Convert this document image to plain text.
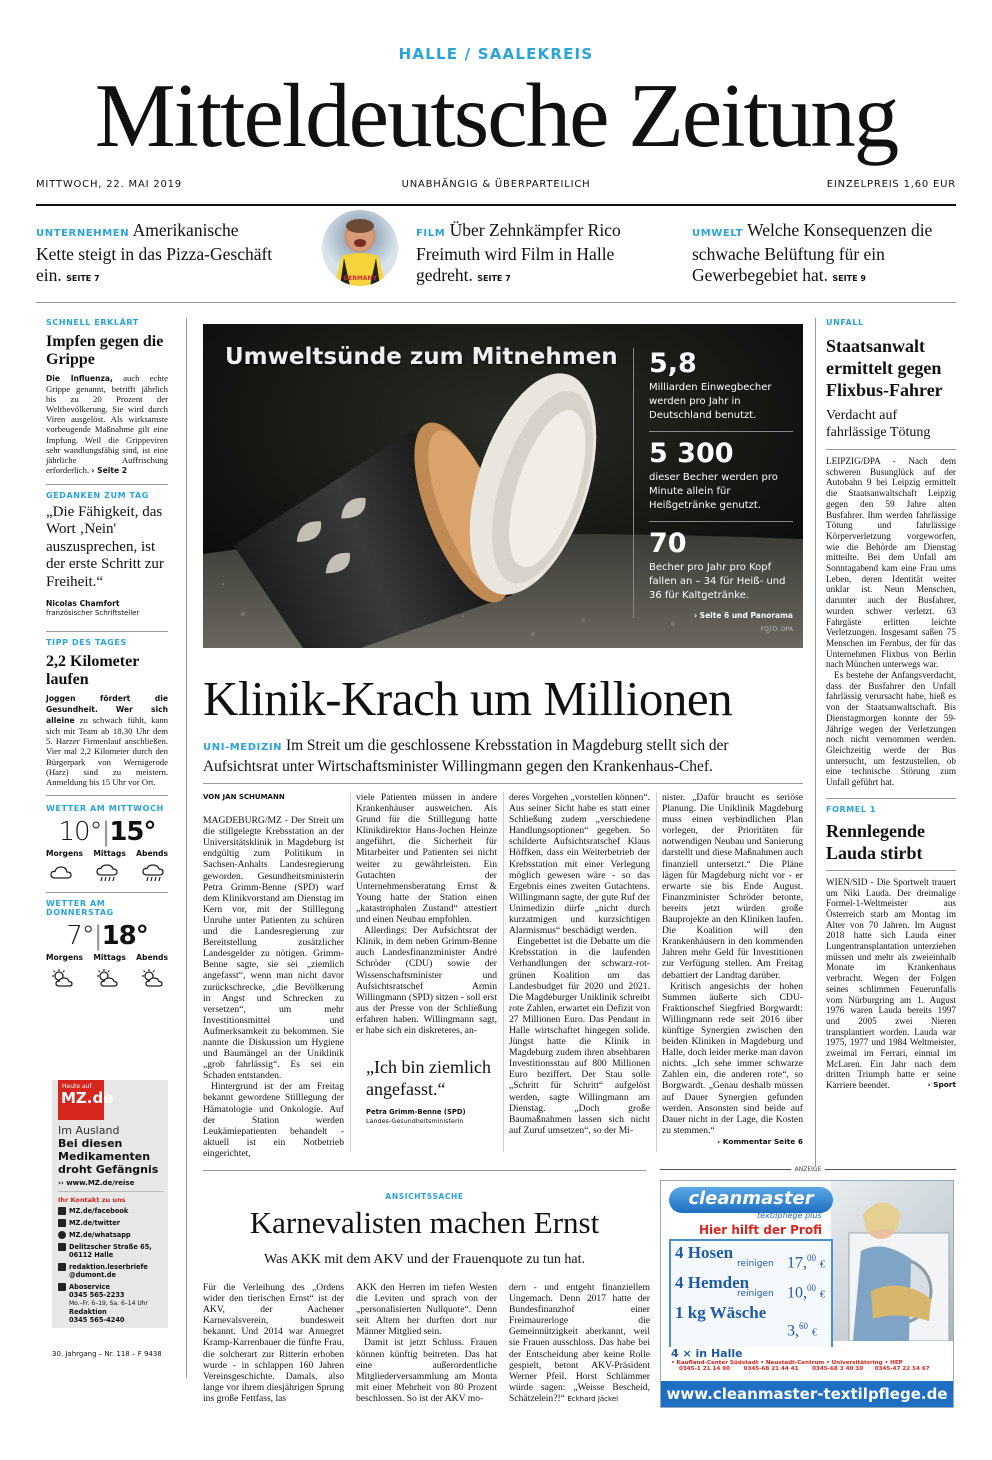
HALLE / SAALEKREIS
Mitteldeutsche Zeitung
MITTWOCH, 22. MAI 2019	UNABHÄNGIG & ÜBERPARTEILICH	EINZELPREIS 1,60 EUR
UNTERNEHMEN Amerikanische Kette steigt in das Pizza-Geschäft ein. SEITE 7	GERMANY
FILM Über Zehnkämpfer Rico Freimuth wird Film in Halle gedreht. SEITE 7
UMWELT Welche Konsequenzen die schwache Belüftung für ein Gewerbegebiet hat. SEITE 9
SCHNELL ERKLÄRT
Impfen gegen die Grippe
Die Influenza, auch echte Grippe genannt, betrifft jährlich bis zu 20 Prozent der Weltbevölkerung. Sie wird durch Viren ausgelöst. Als wirksamste vorbeugende Maßnahme gilt eine Impfung. Weil die Grippeviren sehr wandlungsfähig sind, ist eine jährliche Auffrischung erforderlich. › Seite 2
GEDANKEN ZUM TAG
„Die Fähigkeit, das Wort ‚Nein' auszusprechen, ist der erste Schritt zur Freiheit.“
Nicolas Chamfort
französischer Schriftsteller
TIPP DES TAGES
2,2 Kilometer laufen
Joggen fördert die Gesundheit. Wer sich alleine zu schwach fühlt, kann sich mit Team ab 18.30 Uhr dem 5. Harzer Firmenlauf anschließen. Vier mal 2,2 Kilometer durch den Bürgerpark von Wernigerode (Harz) sind zu meistern. Anmeldung bis 15 Uhr vor Ort.
WETTER AM MITTWOCH
10°|15°
Morgens Mittags Abends
WETTER AM DONNERSTAG
7°|18°
Morgens Mittags Abends
Heute auf
MZ.de
Im Ausland
Bei diesen Medikamenten droht Gefängnis
›› www.MZ.de/reise
Ihr Kontakt zu uns
MZ.de/facebook
MZ.de/twitter
MZ.de/whatsapp
Delitzscher Straße 65, 06112 Halle
redaktion.leserbriefe @dumont.de
Aboservice
0345 565-2233
Mo.–Fr. 6–19, Sa. 6–14 Uhr
Redaktion
0345 565-4240
30. Jahrgang – Nr. 118 – F 9438
Umweltsünde zum Mitnehmen 5,8
Milliarden Einwegbecher werden pro Jahr in Deutschland benutzt.
5 300
dieser Becher werden pro Minute allein für Heißgetränke genutzt.
70
Becher pro Jahr pro Kopf fallen an – 34 für Heiß- und 36 für Kaltgetränke.
› Seite 6 und Panorama
FOTO: DPA
Klinik-Krach um Millionen
UNI-MEDIZIN Im Streit um die geschlossene Krebsstation in Magdeburg stellt sich der Aufsichtsrat unter Wirtschaftsminister Willingmann gegen den Krankenhaus-Chef.
VON JAN SCHUMANN

MAGDEBURG/MZ - Der Streit um die stillgelegte Krebsstation an der Universitätsklinik in Magdeburg ist endgültig zum Politikum in Sachsen-Anhalts Landesregierung geworden. Gesundheitsministerin Petra Grimm-Benne (SPD) warf dem Klinikvorstand am Dienstag im Kern vor, mit der Stilllegung Unruhe unter Patienten zu schüren und die Landesregierung zur Bereitstellung zusätzlicher Landesgelder zu nötigen. Grimm-Benne sagte, sie sei „ziemlich angefasst“, wenn man nicht davor zurückschrecke, „die Bevölkerung in Angst und Schrecken zu versetzen“, um mehr Investitionsmittel und Aufmerksamkeit zu bekommen. Sie nannte die Diskussion um Hygiene und Baumängel an der Uniklinik „grob fahrlässig“. Es sei ein Schaden entstanden.

Hintergrund ist der am Freitag bekannt gewordene Stilllegung der Hämatologie und Onkologie. Auf der Station werden Leukämiepatienten behandelt - aktuell ist ein Notbetrieb eingerichtet,

viele Patienten müssen in andere Krankenhäuser ausweichen. Als Grund für die Stilllegung hatte Klinikdirektor Hans-Jochen Heinze angeführt, die Sicherheit für Mitarbeiter und Patienten sei nicht weiter zu gewährleisten. Ein Gutachten der Unternehmensberatung Ernst & Young hatte der Station einen „katastrophalen Zustand“ attestiert und einen Neubau empfohlen.

Allerdings: Der Aufsichtsrat der Klinik, in dem neben Grimm-Benne auch Landesfinanzminister André Schröder (CDU) sowie der Wissenschaftsminister und Aufsichtsratschef Armin Willingmann (SPD) sitzen - soll erst aus der Presse von der Schließung erfahren haben. Willingmann sagt, er habe sich ein diskreteres, an-

„Ich bin ziemlich angefasst.“
Petra Grimm-Benne (SPD)
Landes-Gesundheitsministerin

deres Vorgehen „vorstellen können“. Aus seiner Sicht habe es statt einer Schließung zudem „verschiedene Handlungsoptionen“ gegeben. So schilderte Aufsichtsratschef Klaus Höffken, dass ein Weiterbetrieb der Krebsstation mit einer Verlegung möglich gewesen wäre - so das Ergebnis eines zweiten Gutachtens. Willingmann sagte, der gute Ruf der Unimedizin dürfe „nicht durch kurzatmigen und kurzsichtigen Alarmismus“ beschädigt werden.

Eingebettet ist die Debatte um die Krebsstation in die laufenden Verhandlungen der schwarz-rot-grünen Koalition um das Landesbudget für 2020 und 2021. Die Magdeburger Uniklinik schreibt rote Zahlen, erwartet ein Defizit von 27 Millionen Euro. Das Pendant in Halle wirtschaftet hingegen solide. Jüngst hatte die Klinik in Magdeburg zudem ihren absehbaren Investitionsstau auf 800 Millionen Euro beziffert. Der Stau solle „Schritt für Schritt“ aufgelöst werden, sagte Willingmann am Dienstag. „Doch große Baumaßnahmen lassen sich nicht auf Zuruf umsetzen“, so der Mi-

nister. „Dafür braucht es seriöse Planung. Die Uniklinik Magdeburg muss einen verbindlichen Plan vorlegen, der Prioritäten für notwendigen Neubau und Sanierung darstellt und diese Maßnahmen auch finanziell untersetzt.“ Die Pläne lägen für Magdeburg nicht vor - er erwarte sie bis Ende August. Finanzminister Schröder betonte, bereits jetzt würden große Bauprojekte an den Kliniken laufen. Die Koalition will den Krankenhäusern in den kommenden Jahren mehr Geld für Investitionen zur Verfügung stellen. Am Freitag debattiert der Landtag darüber.

Kritisch angesichts der hohen Summen äußerte sich CDU-Fraktionschef Siegfried Borgwardt: Willingmann rede seit 2016 über künftige Synergien zwischen den beiden Kliniken in Magdeburg und Halle, doch leider merke man davon nichts. „Ich sehe immer schwarze Zahlen ein, die anderen rote“, so Borgwardt. „Genau deshalb müssen auf Dauer Synergien gefunden werden. Ansonsten sind beide auf Dauer nicht in der Lage, die Kosten zu stemmen.“

› Kommentar Seite 6
UNFALL
Staatsanwalt ermittelt gegen Flixbus-Fahrer
Verdacht auf fahrlässige Tötung

LEIPZIG/DPA - Nach dem schweren Busunglück auf der Autobahn 9 bei Leipzig ermittelt die Staatsanwaltschaft Leipzig gegen den 59 Jahre alten Busfahrer. Ihm werden fahrlässige Tötung und fahrlässige Körperverletzung vorgeworfen, wie die Behörde am Dienstag mitteilte. Bei dem Unfall am Sonntagabend kam eine Frau ums Leben, deren Identität weiter unklar ist. Neun Menschen, darunter auch der Busfahrer, wurden schwer verletzt. 63 Fahrgäste erlitten leichte Verletzungen. Insgesamt saßen 75 Menschen im Fernbus, der für das Unternehmen Flixbus von Berlin nach München unterwegs war.

Es bestehe der Anfangsverdacht, dass der Busfahrer den Unfall fahrlässig verursacht habe, hieß es von der Staatsanwaltschaft. Bis Dienstagmorgen konnte der 59-Jährige wegen der Verletzungen noch nicht vernommen werden. Gleichzeitig werde der Bus untersucht, um festzustellen, ob eine technische Störung zum Unfall geführt hat.

FORMEL 1
Rennlegende Lauda stirbt
WIEN/SID - Die Sportwelt trauert um Niki Lauda. Der dreimalige Formel-1-Weltmeister aus Österreich starb am Montag im Alter von 70 Jahren. Im August 2018 hatte sich Lauda einer Lungentransplantation unterziehen müssen und mehr als zweieinhalb Monate im Krankenhaus verbracht. Wegen der Folgen seines schlimmen Feuerunfalls vom Nürburgring am 1. August 1976 waren Lauda bereits 1997 und 2005 zwei Nieren transplantiert worden. Lauda war 1975, 1977 und 1984 Weltmeister, zweimal im Ferrari, einmal im McLaren. Ein Jahr nach dem dritten Triumph hatte er seine Karriere beendet.	› Sport
ANSICHTSSACHE
Karnevalisten machen Ernst
Was AKK mit dem AKV und der Frauenquote zu tun hat.

Für die Verleihung des „Ordens wider den tierischen Ernst“ ist der AKV, der Aachener Karnevalsverein, bundesweit bekannt. Und 2014 war Annegret Kramp-Karrenbauer die fünfte Frau, die solcherart zur Ritterin erhoben wurde - in schlappen 160 Jahren Vereinsgeschichte. Damals, also lange vor ihrem diesjährigen Sprung ins große Fettfass, las

AKK den Herren im tiefen Westen die Leviten und sprach von der „personalisierten Nullquote“. Denn seit Altem her durften dort nur Männer Mitglied sein.

Damit ist jetzt Schluss. Frauen können künftig beitreten. Das hat eine außerordentliche Mitgliederversammlung am Monta mit einer Mehrheit von 80 Prozent beschlossen. So ist der AKV mo-

dern - und entgeht finanziellem Ungemach. Denn 2017 hatte der Bundesfinanzhof einer Freimaurerloge die Gemeinnützigkeit aberkannt, weil sie Frauen ausschloss. Das habe bei der Entscheidung aber keine Rolle gespielt, betont AKV-Präsident Werner Pfeil. Horst Schlämmer würde sagen: „Weisse Bescheid, Schätzelein?!“ Eckhard Jäckel

ANZEIGE
cleanmaster
textilpflege plus
Hier hilft der Profi
4 Hosen
reinigen 17,00 €
4 Hemden
reinigen 10,00 €
1 kg Wäsche
3,60 €
4 × in Halle
• Kaufland-Center Südstadt • Neustadt-Centrum • Universitätsring • HEP
0345-1 21 14 90       0345-68 21 44 41       0345-68 3 40 30      0345-47 22 54 67
www.cleanmaster-textilpflege.de
